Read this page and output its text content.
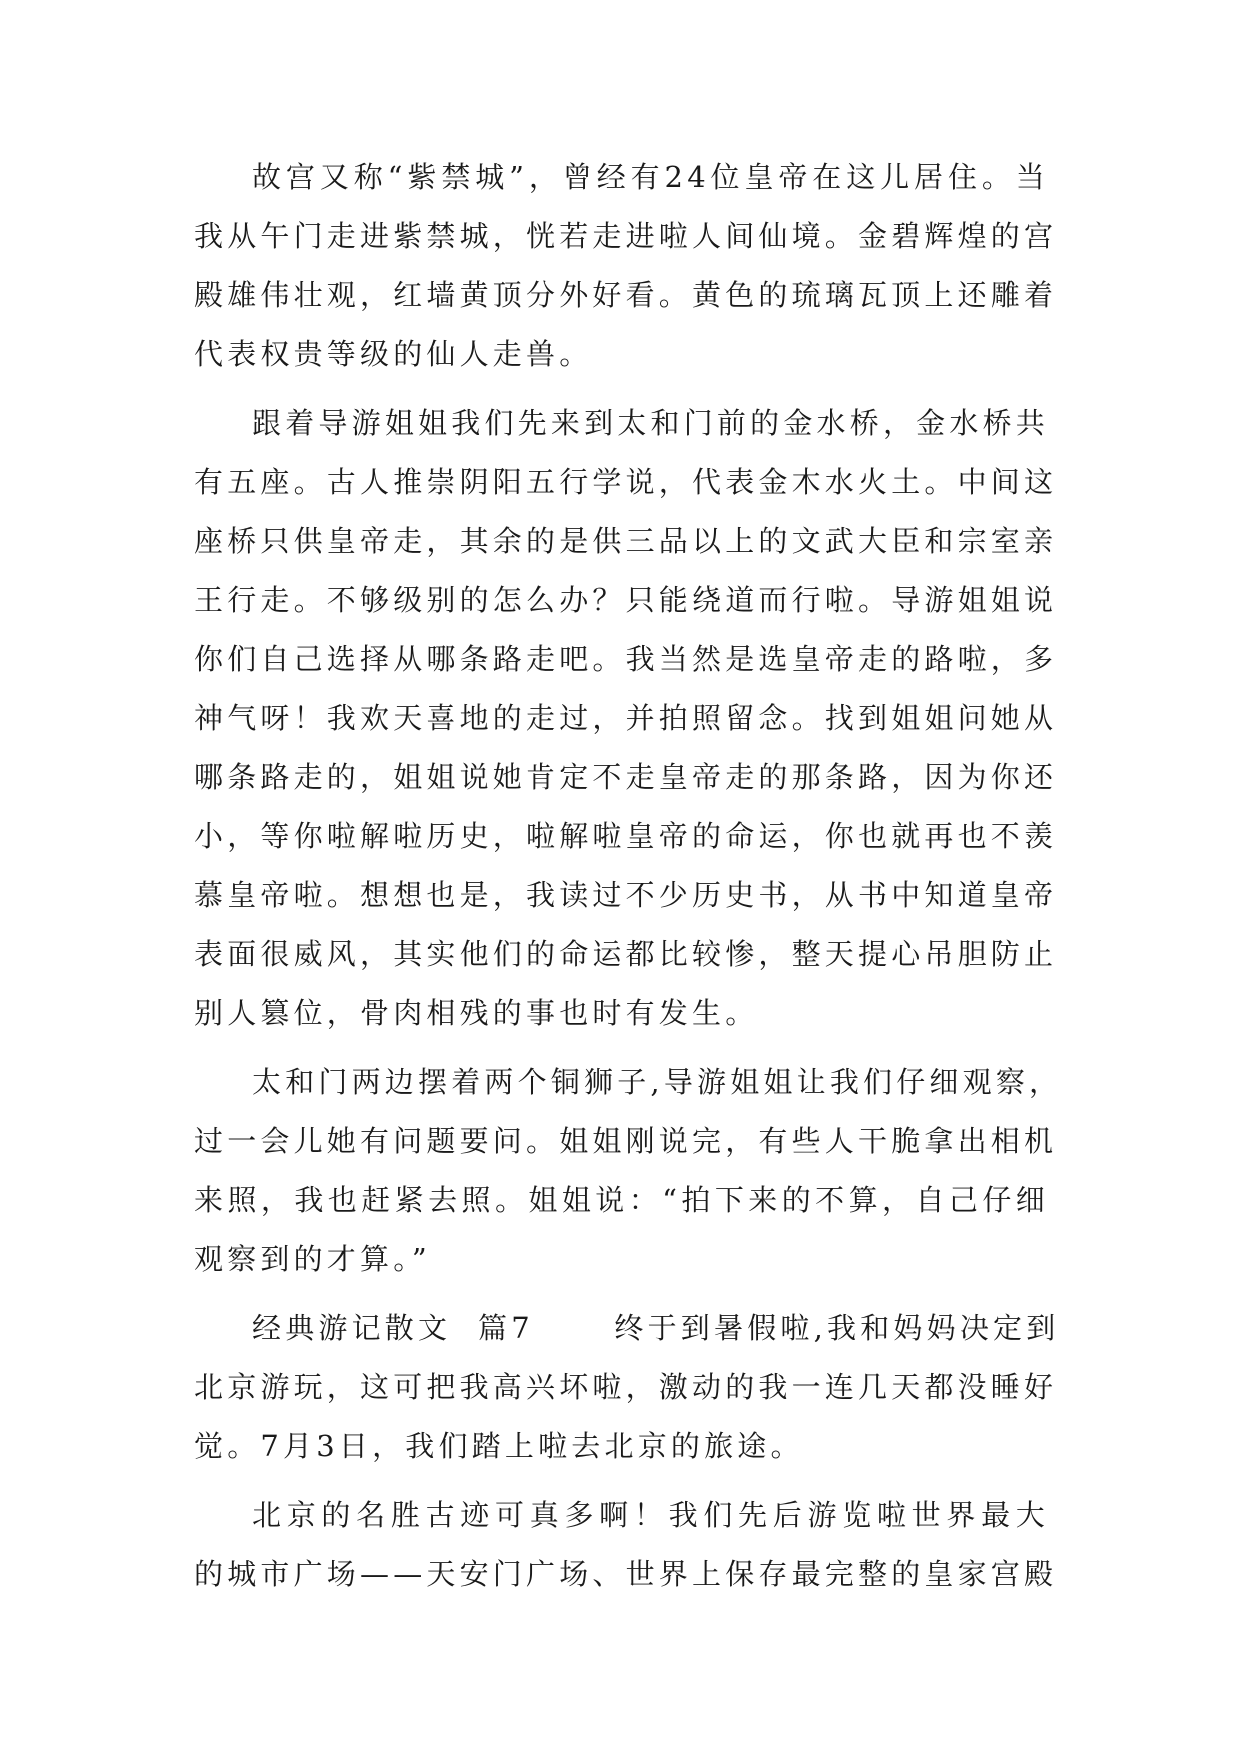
故宫又称“紫禁城”，曾经有24位皇帝在这儿居住。当
我从午门走进紫禁城，恍若走进啦人间仙境。金碧辉煌的宫
殿雄伟壮观，红墙黄顶分外好看。黄色的琉璃瓦顶上还雕着
代表权贵等级的仙人走兽。
跟着导游姐姐我们先来到太和门前的金水桥，金水桥共
有五座。古人推崇阴阳五行学说，代表金木水火土。中间这
座桥只供皇帝走，其余的是供三品以上的文武大臣和宗室亲
王行走。不够级别的怎么办？只能绕道而行啦。导游姐姐说
你们自己选择从哪条路走吧。我当然是选皇帝走的路啦，多
神气呀！我欢天喜地的走过，并拍照留念。找到姐姐问她从
哪条路走的，姐姐说她肯定不走皇帝走的那条路，因为你还
小，等你啦解啦历史，啦解啦皇帝的命运，你也就再也不羡
慕皇帝啦。想想也是，我读过不少历史书，从书中知道皇帝
表面很威风，其实他们的命运都比较惨，整天提心吊胆防止
别人篡位，骨肉相残的事也时有发生。
太和门两边摆着两个铜狮子,导游姐姐让我们仔细观察，
过一会儿她有问题要问。姐姐刚说完，有些人干脆拿出相机
来照，我也赶紧去照。姐姐说：“拍下来的不算，自己仔细
观察到的才算。”
经典游记散文  篇7      终于到暑假啦,我和妈妈决定到
北京游玩，这可把我高兴坏啦，激动的我一连几天都没睡好
觉。7月3日，我们踏上啦去北京的旅途。
北京的名胜古迹可真多啊！我们先后游览啦世界最大
的城市广场——天安门广场、世界上保存最完整的皇家宫殿
